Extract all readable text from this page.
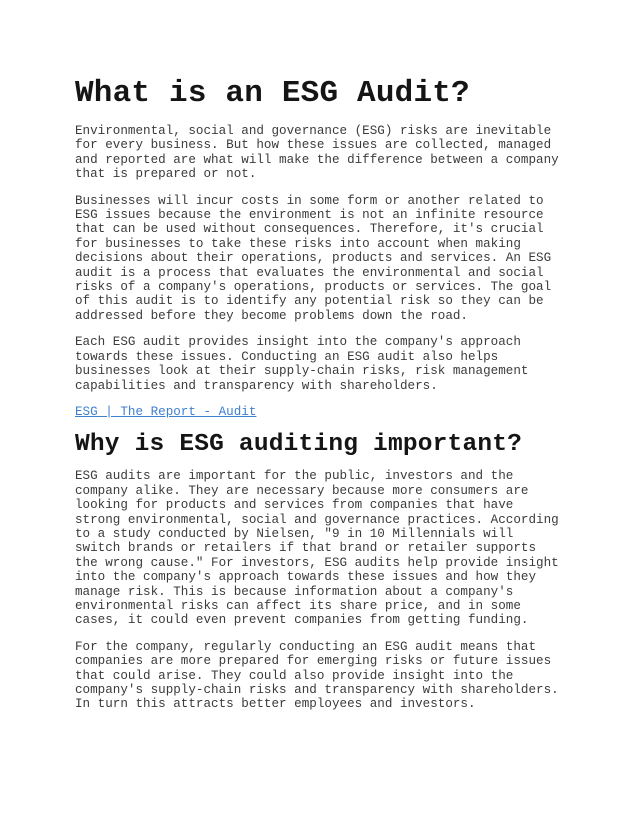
What is an ESG Audit?

Environmental, social and governance (ESG) risks are inevitable
for every business. But how these issues are collected, managed
and reported are what will make the difference between a company
that is prepared or not.

Businesses will incur costs in some form or another related to
ESG issues because the environment is not an infinite resource
that can be used without consequences. Therefore, it's crucial
for businesses to take these risks into account when making
decisions about their operations, products and services. An ESG
audit is a process that evaluates the environmental and social
risks of a company's operations, products or services. The goal
of this audit is to identify any potential risk so they can be
addressed before they become problems down the road.

Each ESG audit provides insight into the company's approach
towards these issues. Conducting an ESG audit also helps
businesses look at their supply-chain risks, risk management
capabilities and transparency with shareholders.

ESG | The Report - Audit
Why is ESG auditing important?

ESG audits are important for the public, investors and the
company alike. They are necessary because more consumers are
looking for products and services from companies that have
strong environmental, social and governance practices. According
to a study conducted by Nielsen, "9 in 10 Millennials will
switch brands or retailers if that brand or retailer supports
the wrong cause." For investors, ESG audits help provide insight
into the company's approach towards these issues and how they
manage risk. This is because information about a company's
environmental risks can affect its share price, and in some
cases, it could even prevent companies from getting funding.

For the company, regularly conducting an ESG audit means that
companies are more prepared for emerging risks or future issues
that could arise. They could also provide insight into the
company's supply-chain risks and transparency with shareholders.
In turn this attracts better employees and investors.
